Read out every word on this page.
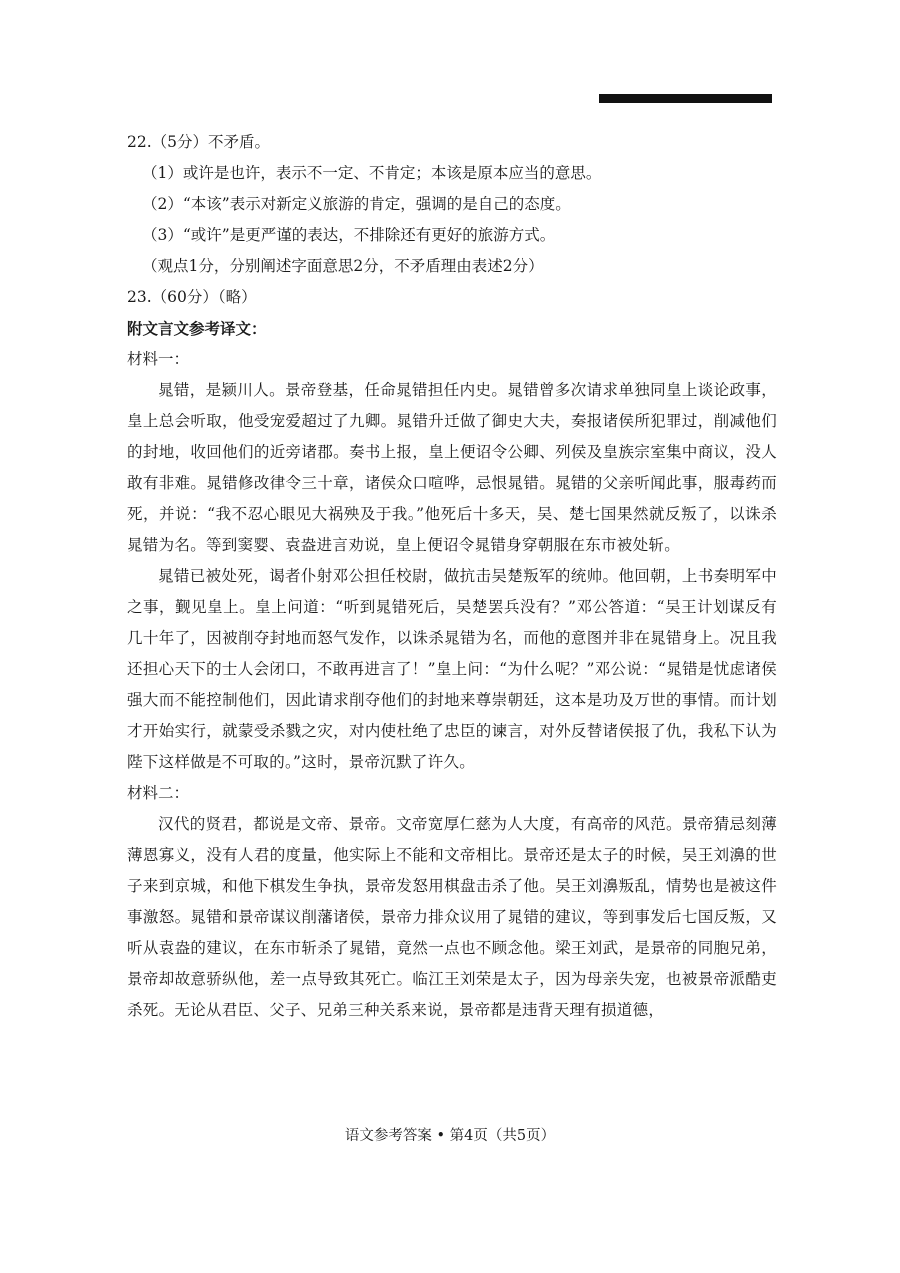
22.（5分）不矛盾。
（1）或许是也许，表示不一定、不肯定；本该是原本应当的意思。
（2）“本该”表示对新定义旅游的肯定，强调的是自己的态度。
（3）“或许”是更严谨的表达，不排除还有更好的旅游方式。
（观点1分，分别阐述字面意思2分，不矛盾理由表述2分）
23.（60分）（略）
附文言文参考译文：
材料一：
晁错，是颍川人。景帝登基，任命晁错担任内史。晁错曾多次请求单独同皇上谈论政事，皇上总会听取，他受宠爱超过了九卿。晁错升迁做了御史大夫，奏报诸侯所犯罪过，削减他们的封地，收回他们的近旁诸郡。奏书上报，皇上便诏令公卿、列侯及皇族宗室集中商议，没人敢有非难。晁错修改律令三十章，诸侯众口喧哗，忌恨晁错。晁错的父亲听闻此事，服毒药而死，并说：“我不忍心眼见大祸殃及于我。”他死后十多天，吴、楚七国果然就反叛了，以诛杀晁错为名。等到窦婴、袁盎进言劝说，皇上便诏令晁错身穿朝服在东市被处斩。
晁错已被处死，谒者仆射邓公担任校尉，做抗击吴楚叛军的统帅。他回朝，上书奏明军中之事，觐见皇上。皇上问道：“听到晁错死后，吴楚罢兵没有？”邓公答道：“吴王计划谋反有几十年了，因被削夺封地而怒气发作，以诛杀晁错为名，而他的意图并非在晁错身上。况且我还担心天下的士人会闭口，不敢再进言了！”皇上问：“为什么呢？”邓公说：“晁错是忧虑诸侯强大而不能控制他们，因此请求削夺他们的封地来尊崇朝廷，这本是功及万世的事情。而计划才开始实行，就蒙受杀戮之灾，对内使杜绝了忠臣的谏言，对外反替诸侯报了仇，我私下认为陛下这样做是不可取的。”这时，景帝沉默了许久。
材料二：
汉代的贤君，都说是文帝、景帝。文帝宽厚仁慈为人大度，有高帝的风范。景帝猜忌刻薄薄恩寡义，没有人君的度量，他实际上不能和文帝相比。景帝还是太子的时候，吴王刘濞的世子来到京城，和他下棋发生争执，景帝发怒用棋盘击杀了他。吴王刘濞叛乱，情势也是被这件事激怒。晁错和景帝谋议削藩诸侯，景帝力排众议用了晁错的建议，等到事发后七国反叛，又听从袁盎的建议，在东市斩杀了晁错，竟然一点也不顾念他。梁王刘武，是景帝的同胞兄弟，景帝却故意骄纵他，差一点导致其死亡。临江王刘荣是太子，因为母亲失宠，也被景帝派酷吏杀死。无论从君臣、父子、兄弟三种关系来说，景帝都是违背天理有损道德，
语文参考答案 • 第4页（共5页）
